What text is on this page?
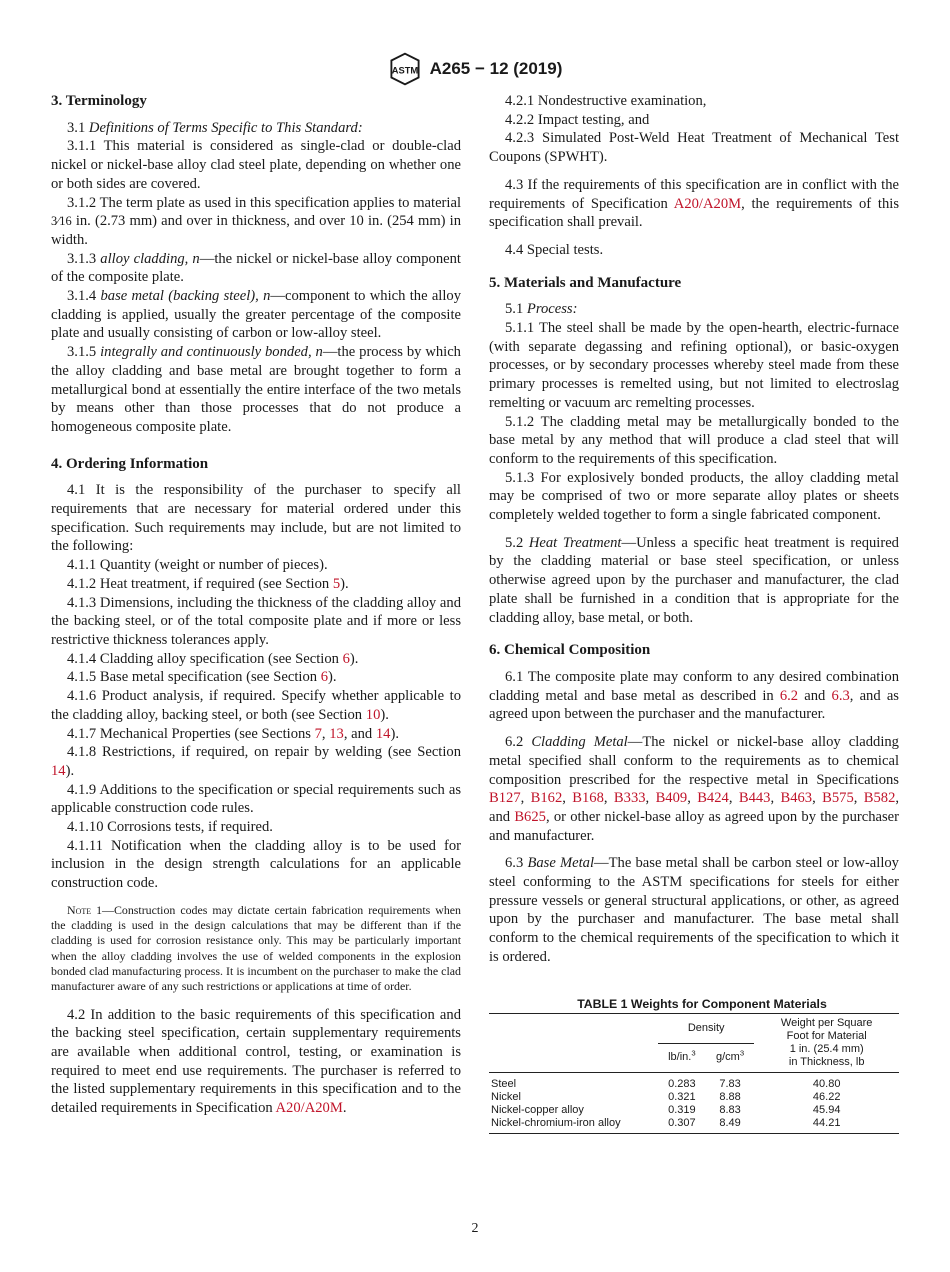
ASTM A265 − 12 (2019)
3. Terminology

3.1 Definitions of Terms Specific to This Standard:

3.1.1 This material is considered as single-clad or double-clad nickel or nickel-base alloy clad steel plate, depending on whether one or both sides are covered.

3.1.2 The term plate as used in this specification applies to material 3⁄16 in. (2.73 mm) and over in thickness, and over 10 in. (254 mm) in width.

3.1.3 alloy cladding, n—the nickel or nickel-base alloy component of the composite plate.

3.1.4 base metal (backing steel), n—component to which the alloy cladding is applied, usually the greater percentage of the composite plate and usually consisting of carbon or low-alloy steel.

3.1.5 integrally and continuously bonded, n—the process by which the alloy cladding and base metal are brought together to form a metallurgical bond at essentially the entire interface of the two metals by means other than those processes that do not produce a homogeneous composite plate.

4. Ordering Information

4.1 It is the responsibility of the purchaser to specify all requirements that are necessary for material ordered under this specification. Such requirements may include, but are not limited to the following:

4.1.1 Quantity (weight or number of pieces).

4.1.2 Heat treatment, if required (see Section 5).

4.1.3 Dimensions, including the thickness of the cladding alloy and the backing steel, or of the total composite plate and if more or less restrictive thickness tolerances apply.

4.1.4 Cladding alloy specification (see Section 6).

4.1.5 Base metal specification (see Section 6).

4.1.6 Product analysis, if required. Specify whether applicable to the cladding alloy, backing steel, or both (see Section 10).

4.1.7 Mechanical Properties (see Sections 7, 13, and 14).

4.1.8 Restrictions, if required, on repair by welding (see Section 14).

4.1.9 Additions to the specification or special requirements such as applicable construction code rules.

4.1.10 Corrosions tests, if required.

4.1.11 Notification when the cladding alloy is to be used for inclusion in the design strength calculations for an applicable construction code.

Note 1—Construction codes may dictate certain fabrication requirements when the cladding is used in the design calculations that may be different than if the cladding is used for corrosion resistance only. This may be particularly important when the alloy cladding involves the use of welded components in the explosion bonded clad manufacturing process. It is incumbent on the purchaser to make the clad manufacturer aware of any such restrictions or applications at time of order.

4.2 In addition to the basic requirements of this specification and the backing steel specification, certain supplementary requirements are available when additional control, testing, or examination is required to meet end use requirements. The purchaser is referred to the listed supplementary requirements in this specification and to the detailed requirements in Specification A20/A20M.

4.2.1 Nondestructive examination,

4.2.2 Impact testing, and

4.2.3 Simulated Post-Weld Heat Treatment of Mechanical Test Coupons (SPWHT).

4.3 If the requirements of this specification are in conflict with the requirements of Specification A20/A20M, the requirements of this specification shall prevail.

4.4 Special tests.

5. Materials and Manufacture

5.1 Process:

5.1.1 The steel shall be made by the open-hearth, electric-furnace (with separate degassing and refining optional), or basic-oxygen processes, or by secondary processes whereby steel made from these primary processes is remelted using, but not limited to electroslag remelting or vacuum arc remelting processes.

5.1.2 The cladding metal may be metallurgically bonded to the base metal by any method that will produce a clad steel that will conform to the requirements of this specification.

5.1.3 For explosively bonded products, the alloy cladding metal may be comprised of two or more separate alloy plates or sheets completely welded together to form a single fabricated component.

5.2 Heat Treatment—Unless a specific heat treatment is required by the cladding material or base steel specification, or unless otherwise agreed upon by the purchaser and manufacturer, the clad plate shall be furnished in a condition that is appropriate for the cladding alloy, base metal, or both.

6. Chemical Composition

6.1 The composite plate may conform to any desired combination cladding metal and base metal as described in 6.2 and 6.3, and as agreed upon between the purchaser and the manufacturer.

6.2 Cladding Metal—The nickel or nickel-base alloy cladding metal specified shall conform to the requirements as to chemical composition prescribed for the respective metal in Specifications B127, B162, B168, B333, B409, B424, B443, B463, B575, B582, and B625, or other nickel-base alloy as agreed upon by the purchaser and manufacturer.

6.3 Base Metal—The base metal shall be carbon steel or low-alloy steel conforming to the ASTM specifications for steels for either pressure vessels or general structural applications, or other, as agreed upon by the purchaser and manufacturer. The base metal shall conform to the chemical requirements of the specification to which it is ordered.

TABLE 1 Weights for Component Materials

	Density		Weight per Square
Foot for Material
1 in. (25.4 mm)
in Thickness, lb

	lb/in.$^3$	$g/cm^3$
Steel	0.283	7.83	40.80
Nickel	0.321	8.88	46.22
Nickel-copper alloy	0.319	8.83	45.94
Nickel-chromium-iron alloy	0.307	8.49	44.21
2
